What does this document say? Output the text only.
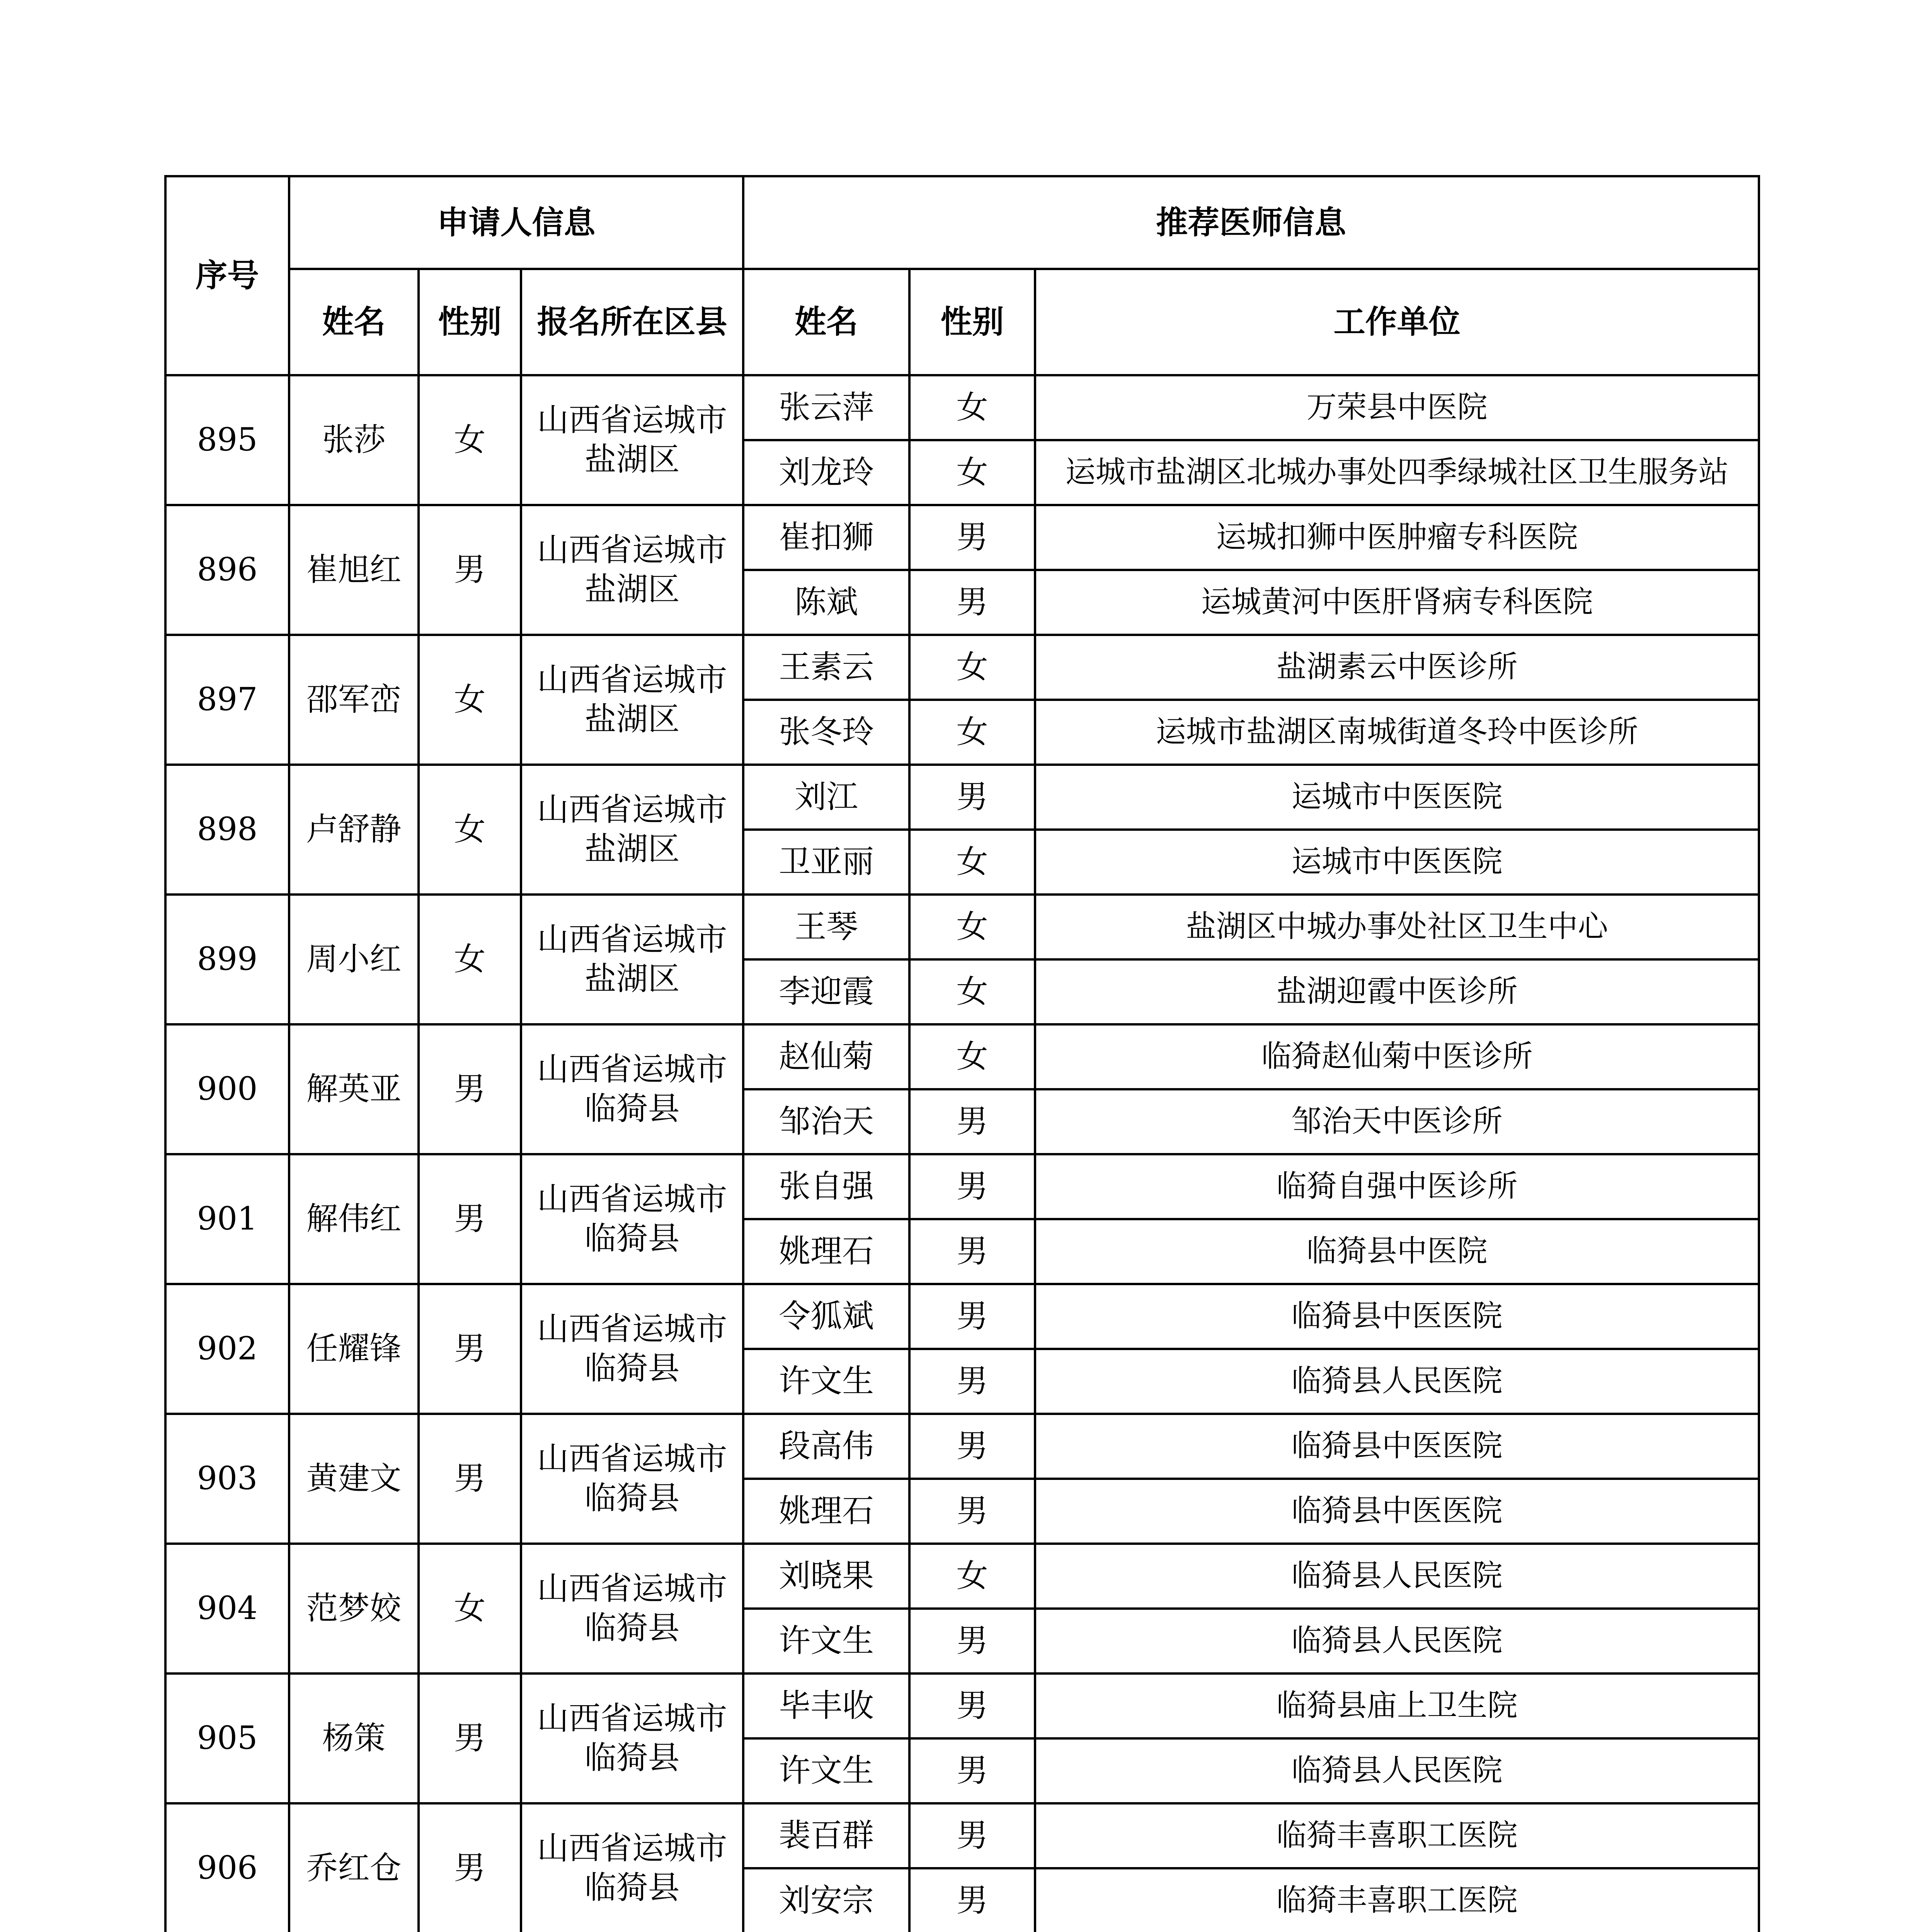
序号	申请人信息			推荐医师信息		
	姓名	性别	报名所在区县	姓名	性别	工作单位
895	张莎	女	山西省运城市盐湖区	张云萍	女	万荣县中医院
				刘龙玲	女	运城市盐湖区北城办事处四季绿城社区卫生服务站
896	崔旭红	男	山西省运城市盐湖区	崔扣狮	男	运城扣狮中医肿瘤专科医院
				陈斌	男	运城黄河中医肝肾病专科医院
897	邵军峦	女	山西省运城市盐湖区	王素云	女	盐湖素云中医诊所
				张冬玲	女	运城市盐湖区南城街道冬玲中医诊所
898	卢舒静	女	山西省运城市盐湖区	刘江	男	运城市中医医院
				卫亚丽	女	运城市中医医院
899	周小红	女	山西省运城市盐湖区	王琴	女	盐湖区中城办事处社区卫生中心
				李迎霞	女	盐湖迎霞中医诊所
900	解英亚	男	山西省运城市临猗县	赵仙菊	女	临猗赵仙菊中医诊所
				邹治天	男	邹治天中医诊所
901	解伟红	男	山西省运城市临猗县	张自强	男	临猗自强中医诊所
				姚理石	男	临猗县中医院
902	任耀锋	男	山西省运城市临猗县	令狐斌	男	临猗县中医医院
				许文生	男	临猗县人民医院
903	黄建文	男	山西省运城市临猗县	段高伟	男	临猗县中医医院
				姚理石	男	临猗县中医医院
904	范梦姣	女	山西省运城市临猗县	刘晓果	女	临猗县人民医院
				许文生	男	临猗县人民医院
905	杨策	男	山西省运城市临猗县	毕丰收	男	临猗县庙上卫生院
				许文生	男	临猗县人民医院
906	乔红仓	男	山西省运城市临猗县	裴百群	男	临猗丰喜职工医院
				刘安宗	男	临猗丰喜职工医院
